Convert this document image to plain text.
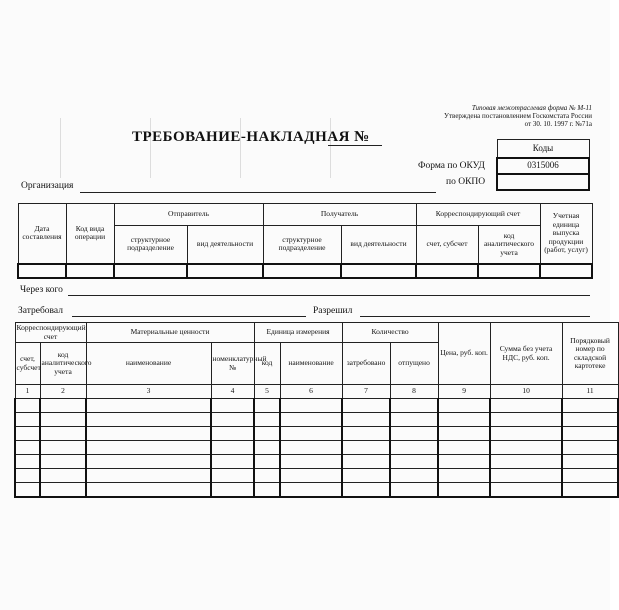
Типовая межотраслевая форма № М-11
Утверждена постановлением Госкомстата России
от 30. 10. 1997 г. №71а
ТРЕБОВАНИЕ-НАКЛАДНАЯ №
Форма по ОКУД
по ОКПО
Коды
0315006

Организация
Дата составления	Код вида операции	Отправитель		Получатель		Корреспондирующий счет		Учетная единица выпуска продукции (работ, услуг)
		структурное подразделение	вид деятельности	структурное подразделение	вид деятельности	счет, субсчет	код аналитического учета	

Через кого
Затребовал	Разрешил
Корреспондирующий счет		Материальные ценности		Единица измерения		Количество		Цена, руб. коп.	Сумма без учета НДС, руб. коп.	Порядковый номер по складской картотеке
счет, субсчет	код аналитического учета	наименование	номенклатурный №	код	наименование	затребовано	отпущено			
1	2	3	4	5	6	7	8	9	10	11
